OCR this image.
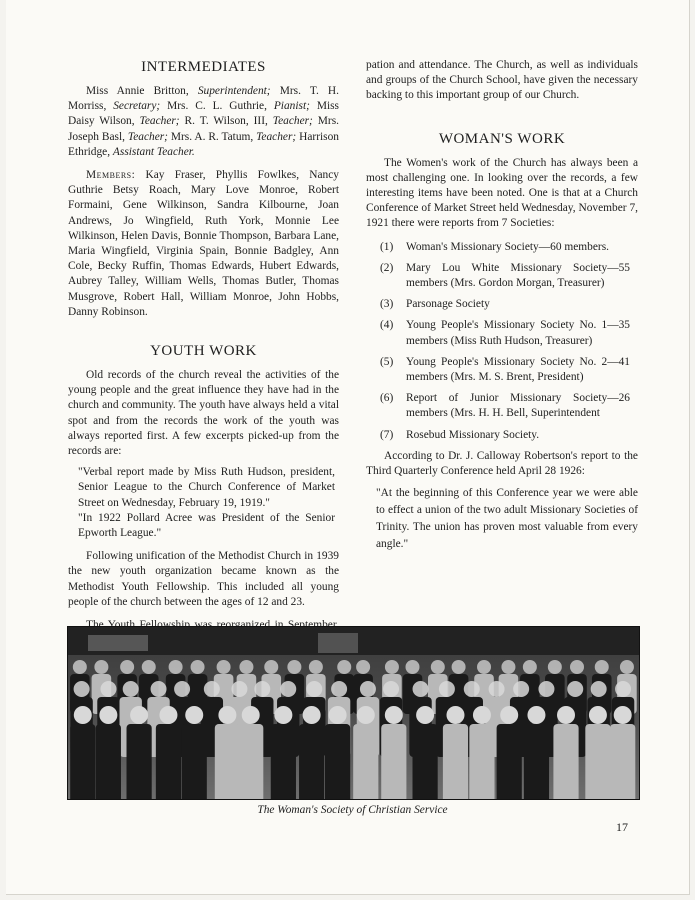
INTERMEDIATES

Miss Annie Britton, Superintendent; Mrs. T. H. Morriss, Secretary; Mrs. C. L. Guthrie, Pianist; Miss Daisy Wilson, Teacher; R. T. Wilson, III, Teacher; Mrs. Joseph Basl, Teacher; Mrs. A. R. Tatum, Teacher; Harrison Ethridge, Assistant Teacher.

Members: Kay Fraser, Phyllis Fowlkes, Nancy Guthrie Betsy Roach, Mary Love Monroe, Robert Formaini, Gene Wilkinson, Sandra Kilbourne, Joan Andrews, Jo Wingfield, Ruth York, Monnie Lee Wilkinson, Helen Davis, Bonnie Thompson, Barbara Lane, Maria Wingfield, Virginia Spain, Bonnie Badgley, Ann Cole, Becky Ruffin, Thomas Edwards, Hubert Edwards, Aubrey Talley, William Wells, Thomas Butler, Thomas Musgrove, Robert Hall, William Monroe, John Hobbs, Danny Robinson.

YOUTH WORK

Old records of the church reveal the activities of the young people and the great influence they have had in the church and community. The youth have always held a vital spot and from the records the work of the youth was always reported first. A few excerpts picked-up from the records are:

"Verbal report made by Miss Ruth Hudson, president, Senior League to the Church Conference of Market Street on Wednesday, February 19, 1919."

"In 1922 Pollard Acree was President of the Senior Epworth League."

Following unification of the Methodist Church in 1939 the new youth organization became known as the Methodist Youth Fellowship. This included all young people of the church between the ages of 12 and 23.

pation and attendance. The Church, as well as individuals and groups of the Church School, have given the necessary backing to this important group of our Church.

WOMAN'S WORK

The Women's work of the Church has always been a most challenging one. In looking over the records, a few interesting items have been noted. One is that at a Church Conference of Market Street held Wednesday, November 7, 1921 there were reports from 7 Societies:

(1)	Woman's Missionary Society—60 members.
(2)	Mary Lou White Missionary Society—55 members (Mrs. Gordon Morgan, Treasurer)
(3)	Parsonage Society
(4)	Young People's Missionary Society No. 1—35 members (Miss Ruth Hudson, Treasurer)
(5)	Young People's Missionary Society No. 2—41 members (Mrs. M. S. Brent, President)
(6)	Report of Junior Missionary Society—26 members (Mrs. H. H. Bell, Superintendent
(7)	Rosebud Missionary Society.

According to Dr. J. Calloway Robertson's report to the Third Quarterly Conference held April 28 1926:

"At the beginning of this Conference year we were able to effect a union of the two adult Missionary Societies of Trinity. The union has proven most valuable from every angle."

The Woman's Society of Christian Service
17
